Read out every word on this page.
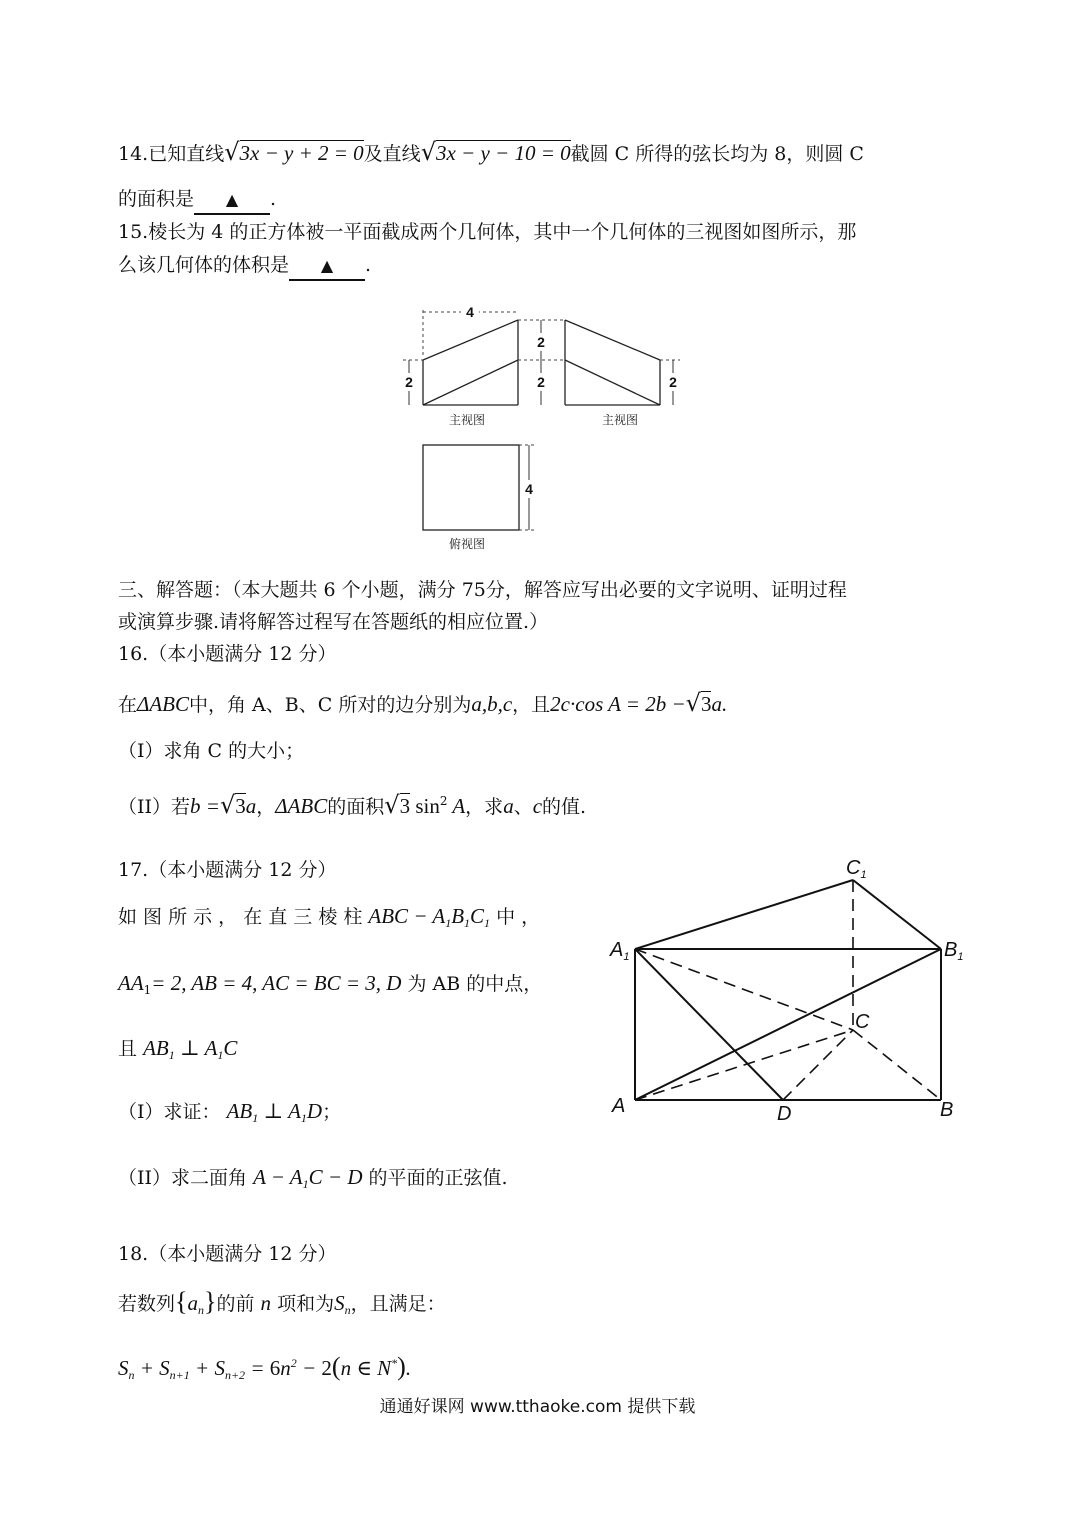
14.已知直线√3x − y + 2 = 0及直线√3x − y − 10 = 0截圆 C 所得的弦长均为 8，则圆 C
的面积是 ▲ .
15.棱长为 4 的正方体被一平面截成两个几何体，其中一个几何体的三视图如图所示，那
么该几何体的体积是 ▲ .
4
2
2
2	2
4
主视图	主视图
俯视图
三、解答题：（本大题共 6 个小题，满分 75分，解答应写出必要的文字说明、证明过程
或演算步骤.请将解答过程写在答题纸的相应位置.）
16.（本小题满分 12 分）
在ΔABC中，角 A、B、C 所对的边分别为a,b,c，且2c·cos A = 2b −√3a.
（I）求角 C 的大小；
（II）若b =√3a，ΔABC的面积√3 $\sin^2 A$，求a、c的值.
17.（本小题满分 12 分）
如 图 所 示 ， 在 直 三 棱 柱 ABC − $A_1B_1C_1$ 中 ，
$AA_1= 2$, AB = 4, AC = BC = 3, D 为 AB 的中点，
且 $AB_1$ ⊥ $A_1C$
（I）求证： $AB_1$ ⊥ $A_1D$；
（II）求二面角 $A - A_1C - D$ 的平面的正弦值.
$A_1$	$B_1$
$C_1$
C
A	B
D
18.（本小题满分 12 分）
若数列$\{a_n\}$的前 n 项和为$S_n$，且满足：
$S_n + S_{n+1} + S_{n+2} = 6n^2 - 2(n$ ∈ N*).
通通好课网 www.tthaoke.com 提供下载
